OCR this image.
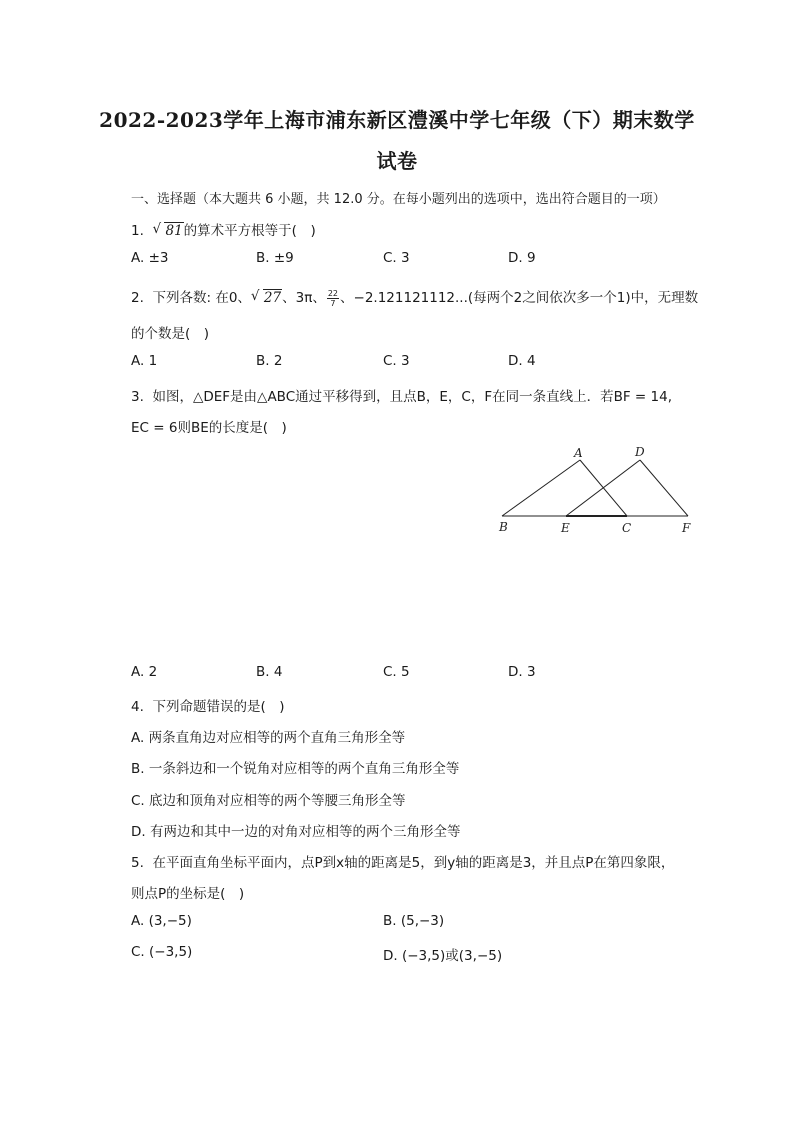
2022-2023学年上海市浦东新区澧溪中学七年级（下）期末数学
试卷
一、选择题（本大题共 6 小题，共 12.0 分。在每小题列出的选项中，选出符合题目的一项）
1. √ 81的算术平方根等于(　)
A. ±3	B. ±9	C. 3	D. 9
2. 下列各数: 在0、 √ 27、3π、 $\frac{22}{7}$ 、−2.121121112...(每两个2之间依次多一个1)中，无理数
的个数是(　)
A. 1	B. 2	C. 3	D. 4
3. 如图，△DEF是由△ABC通过平移得到，且点B，E，C，F在同一条直线上．若BF = 14,
EC = 6则BE的长度是(　)
A	D
B	E	C	F
A. 2	B. 4	C. 5	D. 3
4. 下列命题错误的是(　)
A. 两条直角边对应相等的两个直角三角形全等
B. 一条斜边和一个锐角对应相等的两个直角三角形全等
C. 底边和顶角对应相等的两个等腰三角形全等
D. 有两边和其中一边的对角对应相等的两个三角形全等
5. 在平面直角坐标平面内，点P到x轴的距离是5，到y轴的距离是3，并且点P在第四象限，
则点P的坐标是(　)
A. (3,−5)	B. (5,−3)
C. (−3,5)	D. (−3,5)或(3,−5)
